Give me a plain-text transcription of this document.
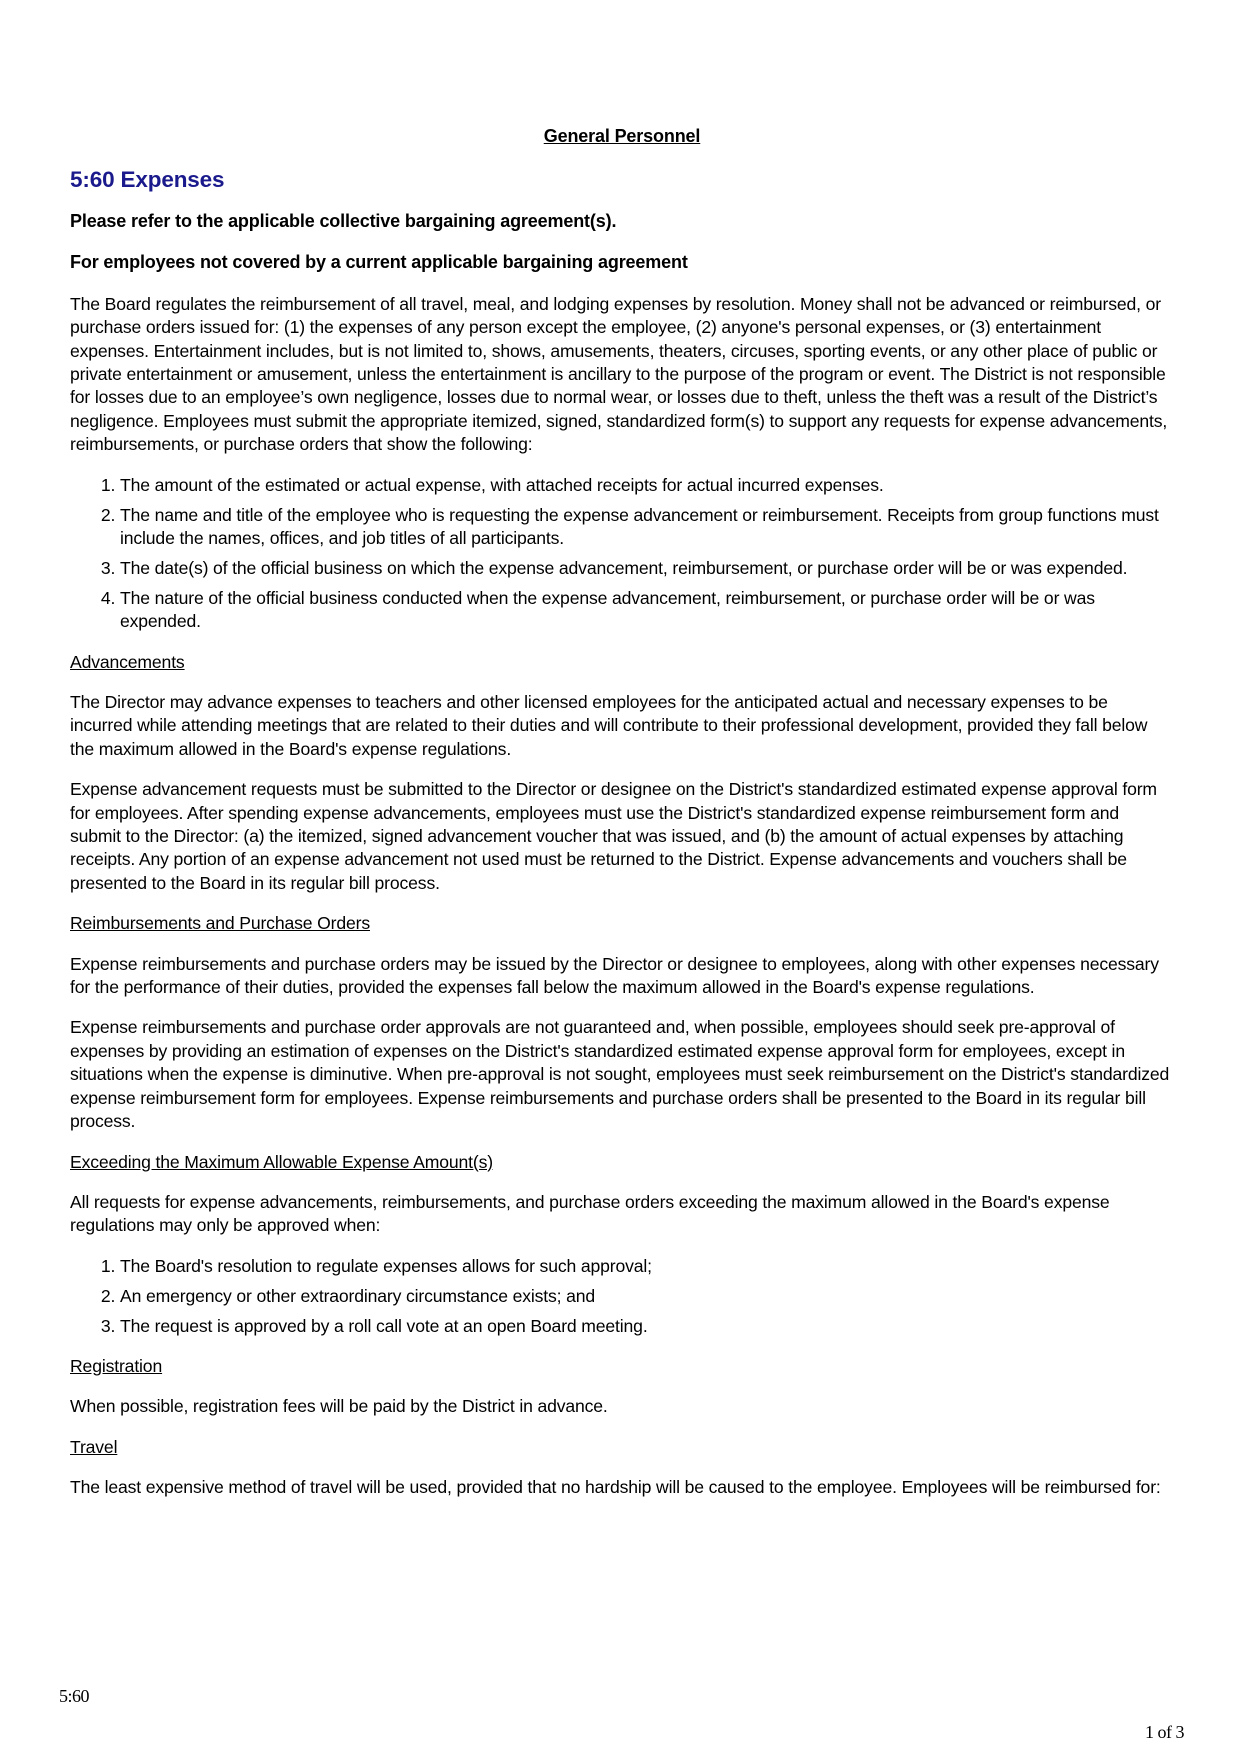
General Personnel
5:60 Expenses
Please refer to the applicable collective bargaining agreement(s).
For employees not covered by a current applicable bargaining agreement

The Board regulates the reimbursement of all travel, meal, and lodging expenses by resolution. Money shall not be advanced or reimbursed, or purchase orders issued for: (1) the expenses of any person except the employee, (2) anyone's personal expenses, or (3) entertainment expenses. Entertainment includes, but is not limited to, shows, amusements, theaters, circuses, sporting events, or any other place of public or private entertainment or amusement, unless the entertainment is ancillary to the purpose of the program or event. The District is not responsible for losses due to an employee’s own negligence, losses due to normal wear, or losses due to theft, unless the theft was a result of the District’s negligence. Employees must submit the appropriate itemized, signed, standardized form(s) to support any requests for expense advancements, reimbursements, or purchase orders that show the following:

1. The amount of the estimated or actual expense, with attached receipts for actual incurred expenses.
2. The name and title of the employee who is requesting the expense advancement or reimbursement. Receipts from group functions must include the names, offices, and job titles of all participants.
3. The date(s) of the official business on which the expense advancement, reimbursement, or purchase order will be or was expended.
4. The nature of the official business conducted when the expense advancement, reimbursement, or purchase order will be or was expended.
Advancements

The Director may advance expenses to teachers and other licensed employees for the anticipated actual and necessary expenses to be incurred while attending meetings that are related to their duties and will contribute to their professional development, provided they fall below the maximum allowed in the Board's expense regulations.

Expense advancement requests must be submitted to the Director or designee on the District's standardized estimated expense approval form for employees. After spending expense advancements, employees must use the District's standardized expense reimbursement form and submit to the Director: (a) the itemized, signed advancement voucher that was issued, and (b) the amount of actual expenses by attaching receipts. Any portion of an expense advancement not used must be returned to the District. Expense advancements and vouchers shall be presented to the Board in its regular bill process.

Reimbursements and Purchase Orders

Expense reimbursements and purchase orders may be issued by the Director or designee to employees, along with other expenses necessary for the performance of their duties, provided the expenses fall below the maximum allowed in the Board's expense regulations.

Expense reimbursements and purchase order approvals are not guaranteed and, when possible, employees should seek pre-approval of expenses by providing an estimation of expenses on the District's standardized estimated expense approval form for employees, except in situations when the expense is diminutive. When pre-approval is not sought, employees must seek reimbursement on the District's standardized expense reimbursement form for employees. Expense reimbursements and purchase orders shall be presented to the Board in its regular bill process.

Exceeding the Maximum Allowable Expense Amount(s)

All requests for expense advancements, reimbursements, and purchase orders exceeding the maximum allowed in the Board's expense regulations may only be approved when:

1. The Board's resolution to regulate expenses allows for such approval;
2. An emergency or other extraordinary circumstance exists; and
3. The request is approved by a roll call vote at an open Board meeting.
Registration

When possible, registration fees will be paid by the District in advance.

Travel

The least expensive method of travel will be used, provided that no hardship will be caused to the employee. Employees will be reimbursed for:

5:60
1 of 3
